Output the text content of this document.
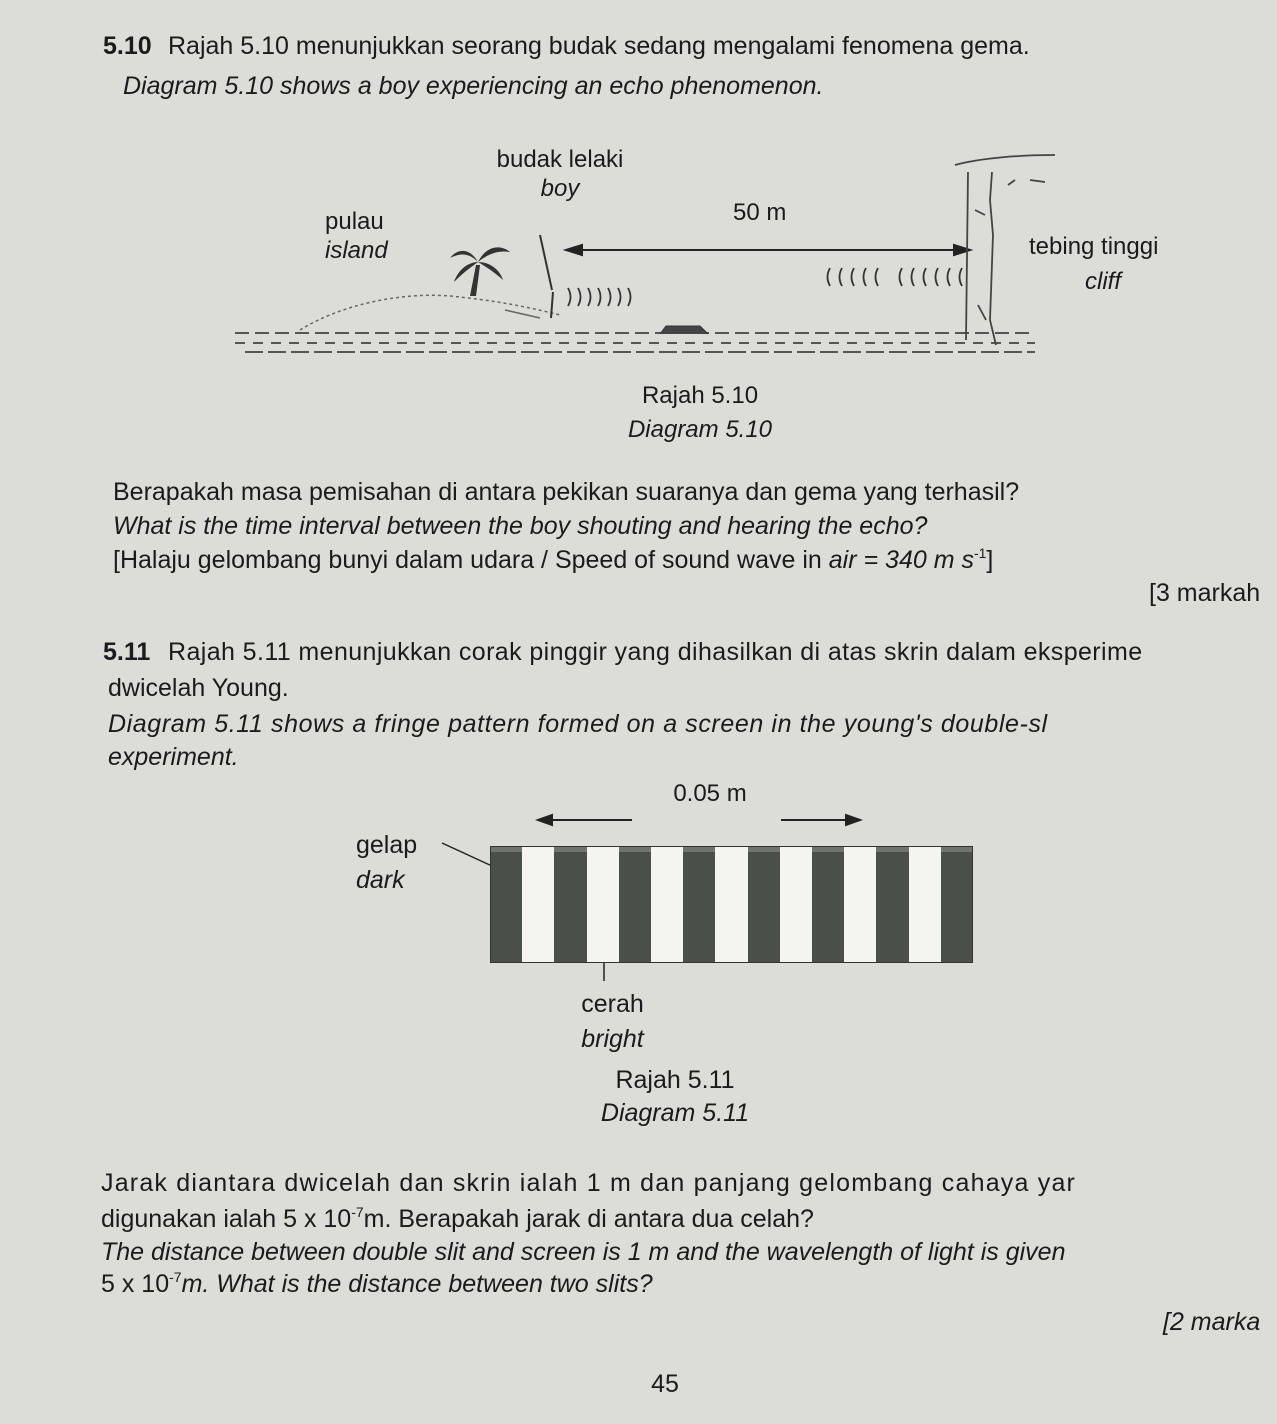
5.10 Rajah 5.10 menunjukkan seorang budak sedang mengalami fenomena gema.
Diagram 5.10 shows a boy experiencing an echo phenomenon.
budak lelaki
boy
pulau
island
50 m
tebing tinggi
cliff
Rajah 5.10
Diagram 5.10
Berapakah masa pemisahan di antara pekikan suaranya dan gema yang terhasil?
What is the time interval between the boy shouting and hearing the echo?
[Halaju gelombang bunyi dalam udara / Speed of sound wave in air = 340 m $s^{-1}$]
[3 markah
5.11 Rajah 5.11 menunjukkan corak pinggir yang dihasilkan di atas skrin dalam eksperime
dwicelah Young.
Diagram 5.11 shows a fringe pattern formed on a screen in the young's double-sl
experiment.
0.05 m
gelap
dark
cerah
bright
Rajah 5.11
Diagram 5.11
Jarak diantara dwicelah dan skrin ialah 1 m dan panjang gelombang cahaya yar
digunakan ialah 5 x $10^{-7}m$. Berapakah jarak di antara dua celah?
The distance between double slit and screen is 1 m and the wavelength of light is given
5 x $10^{-7}m$. What is the distance between two slits?
[2 marka
45
